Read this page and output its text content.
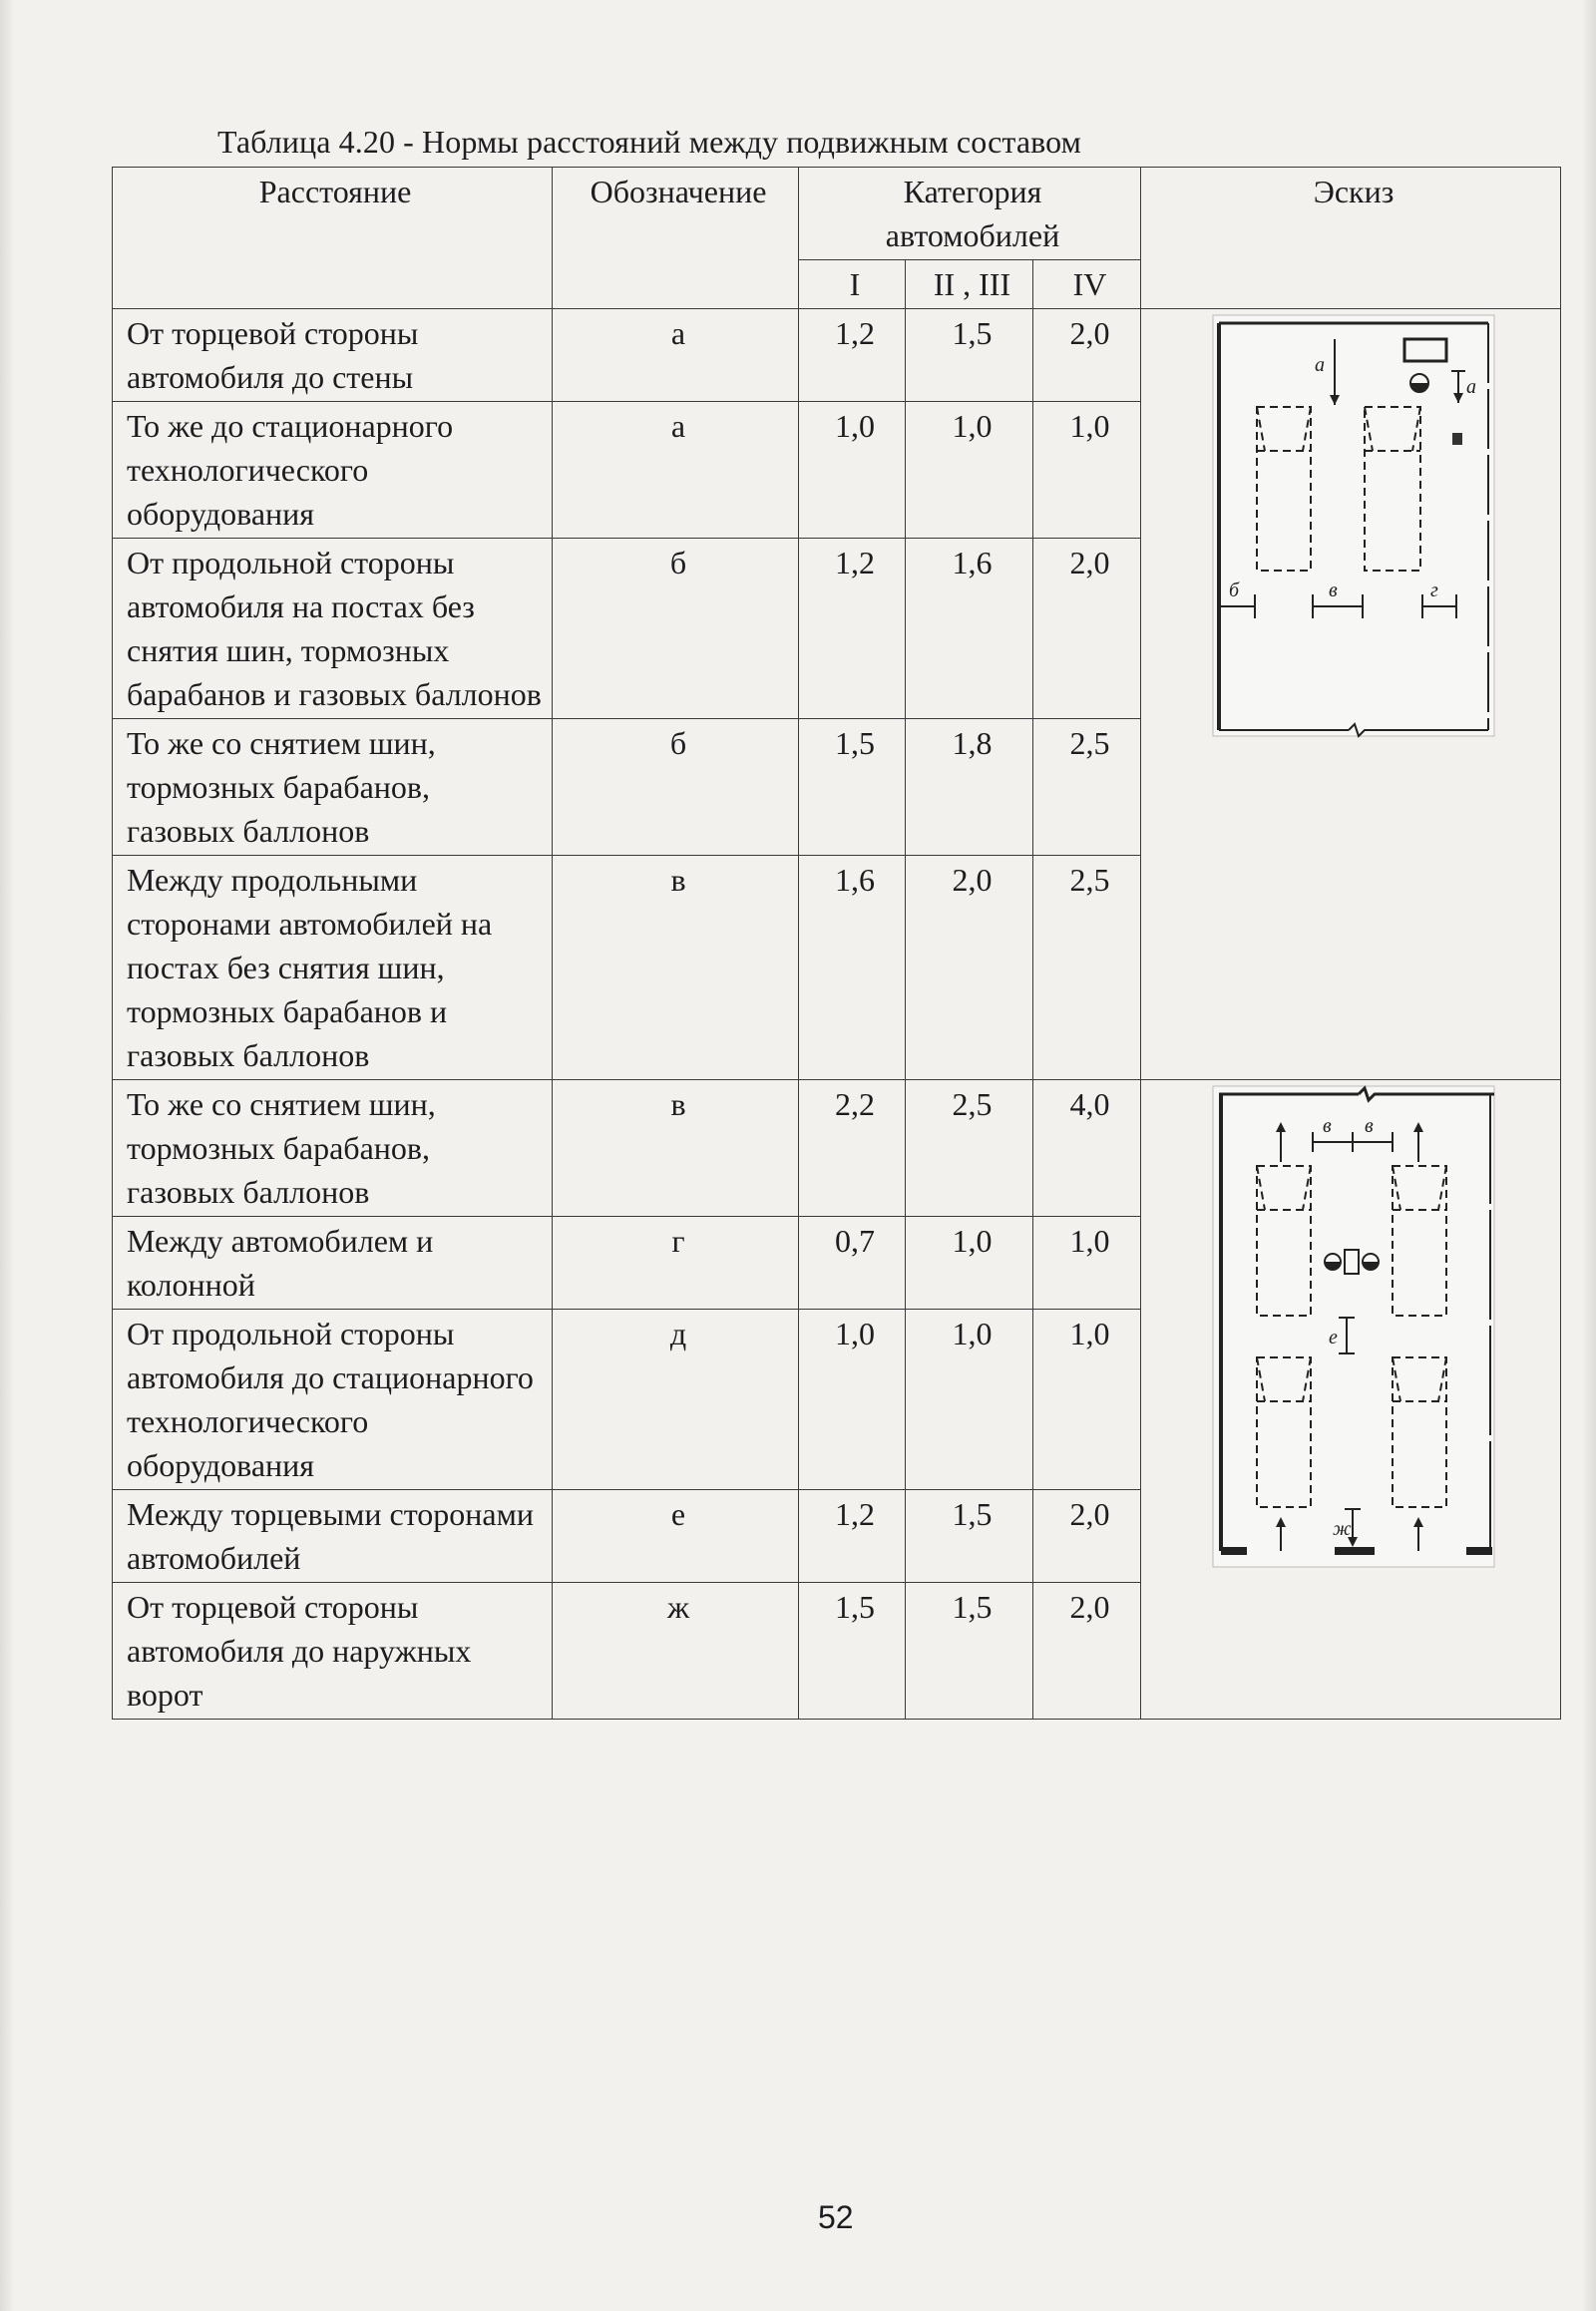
Таблица 4.20 - Нормы расстояний между подвижным составом
Расстояние	Обозначение	Категория автомобилей			Эскиз
		I	II , III	IV	
От торцевой стороны автомобиля до стены	а	1,2	1,5	2,0	а
а
б в г

То же до стационарного технологического оборудования	а	1,0	1,0	1,0	
От продольной стороны автомобиля на постах без снятия шин, тормозных барабанов и газовых баллонов	б	1,2	1,6	2,0	
То же со снятием шин, тормозных барабанов, газовых баллонов	б	1,5	1,8	2,5	
Между продольными сторонами автомобилей на постах без снятия шин, тормозных барабанов и газовых баллонов	в	1,6	2,0	2,5	
То же со снятием шин, тормозных барабанов, газовых баллонов	в	2,2	2,5	4,0	в в
е
ж

Между автомобилем и колонной	г	0,7	1,0	1,0	
От продольной стороны автомобиля до стационарного технологического оборудования	д	1,0	1,0	1,0	
Между торцевыми сторонами автомобилей	е	1,2	1,5	2,0	
От торцевой стороны автомобиля до наружных ворот	ж	1,5	1,5	2,0	
52
